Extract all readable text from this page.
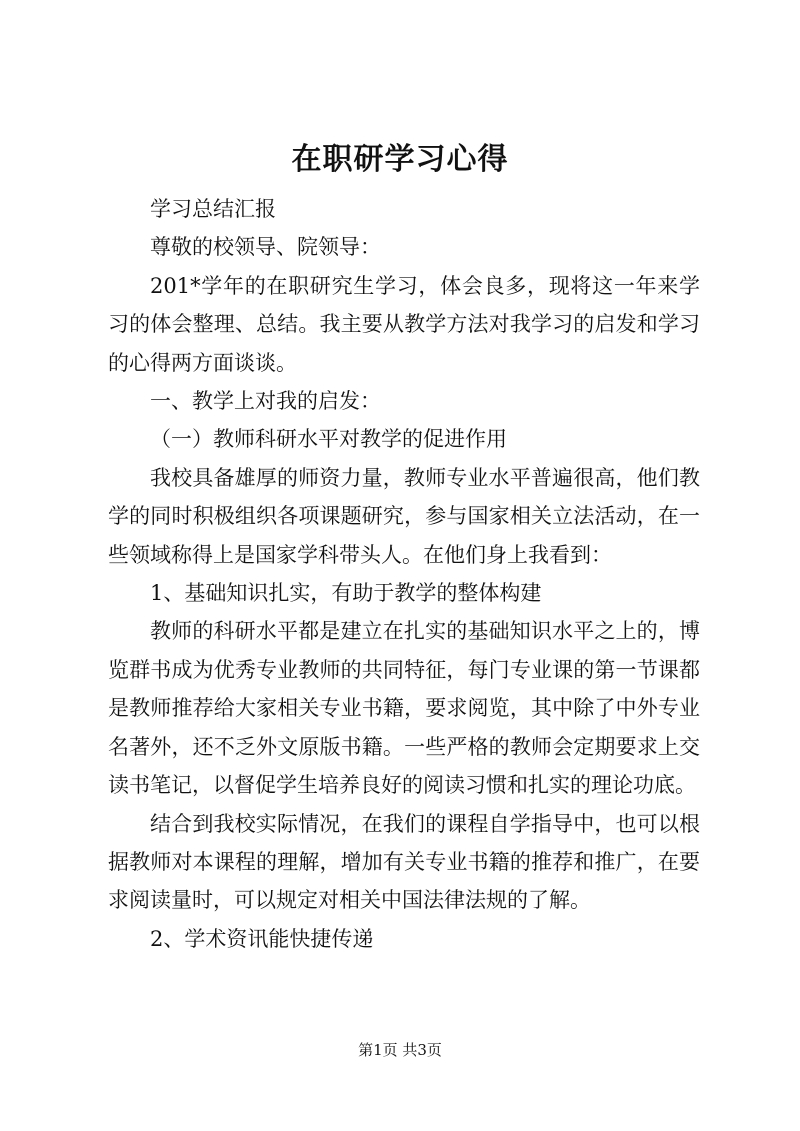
在职研学习心得

学习总结汇报

尊敬的校领导、院领导：

201*学年的在职研究生学习，体会良多，现将这一年来学习的体会整理、总结。我主要从教学方法对我学习的启发和学习的心得两方面谈谈。

一、教学上对我的启发：

（一）教师科研水平对教学的促进作用

我校具备雄厚的师资力量，教师专业水平普遍很高，他们教学的同时积极组织各项课题研究，参与国家相关立法活动，在一些领域称得上是国家学科带头人。在他们身上我看到：

1、基础知识扎实，有助于教学的整体构建

教师的科研水平都是建立在扎实的基础知识水平之上的，博览群书成为优秀专业教师的共同特征，每门专业课的第一节课都是教师推荐给大家相关专业书籍，要求阅览，其中除了中外专业名著外，还不乏外文原版书籍。一些严格的教师会定期要求上交读书笔记，以督促学生培养良好的阅读习惯和扎实的理论功底。

结合到我校实际情况，在我们的课程自学指导中，也可以根据教师对本课程的理解，增加有关专业书籍的推荐和推广，在要求阅读量时，可以规定对相关中国法律法规的了解。

2、学术资讯能快捷传递

第1页 共3页
